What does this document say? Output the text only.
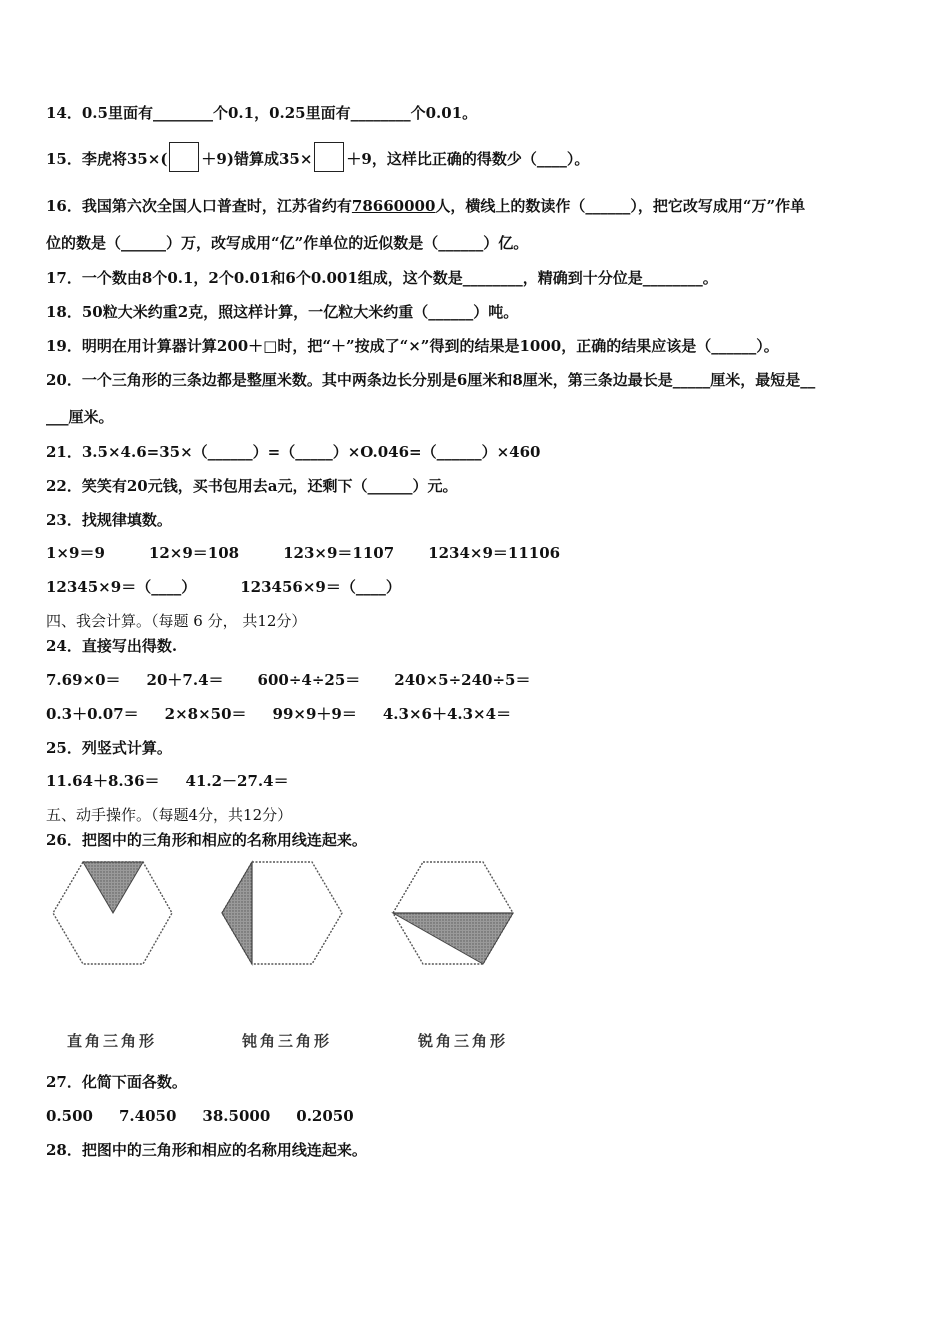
14．0.5里面有________个0.1，0.25里面有________个0.01。
15．李虎将35×( ＋9)错算成35× ＋9，这样比正确的得数少（____）。
16．我国第六次全国人口普查时，江苏省约有78660000人，横线上的数读作（______），把它改写成用“万”作单
位的数是（______）万，改写成用“亿”作单位的近似数是（______）亿。
17．一个数由8个0.1，2个0.01和6个0.001组成，这个数是________，精确到十分位是________。
18．50粒大米约重2克，照这样计算，一亿粒大米约重（______）吨。
19．明明在用计算器计算200＋□时，把“＋”按成了“×”得到的结果是1000，正确的结果应该是（______）。
20．一个三角形的三条边都是整厘米数。其中两条边长分别是6厘米和8厘米，第三条边最长是_____厘米，最短是__
___厘米。
21．3.5×4.6=35×（______）=（_____）×O.046=（______）×460
22．笑笑有20元钱，买书包用去a元，还剩下（______）元。
23．找规律填数。
1×9＝9	12×9＝108	123×9＝1107 1234×9＝11106
12345×9＝（____）	123456×9＝（____）
四、我会计算。（每题 6 分， 共12分）
24．直接写出得数.
7.69×0＝ 20＋7.4＝ 600÷4÷25＝ 240×5÷240÷5＝
0.3＋0.07＝ 2×8×50＝ 99×9＋9＝ 4.3×6＋4.3×4＝
25．列竖式计算。
11.64＋8.36＝ 41.2－27.4＝
五、动手操作。（每题4分，共12分）
26．把图中的三角形和相应的名称用线连起来。
直角三角形	钝角三角形	锐角三角形
27．化简下面各数。
0.500 7.4050 38.5000 0.2050
28．把图中的三角形和相应的名称用线连起来。
